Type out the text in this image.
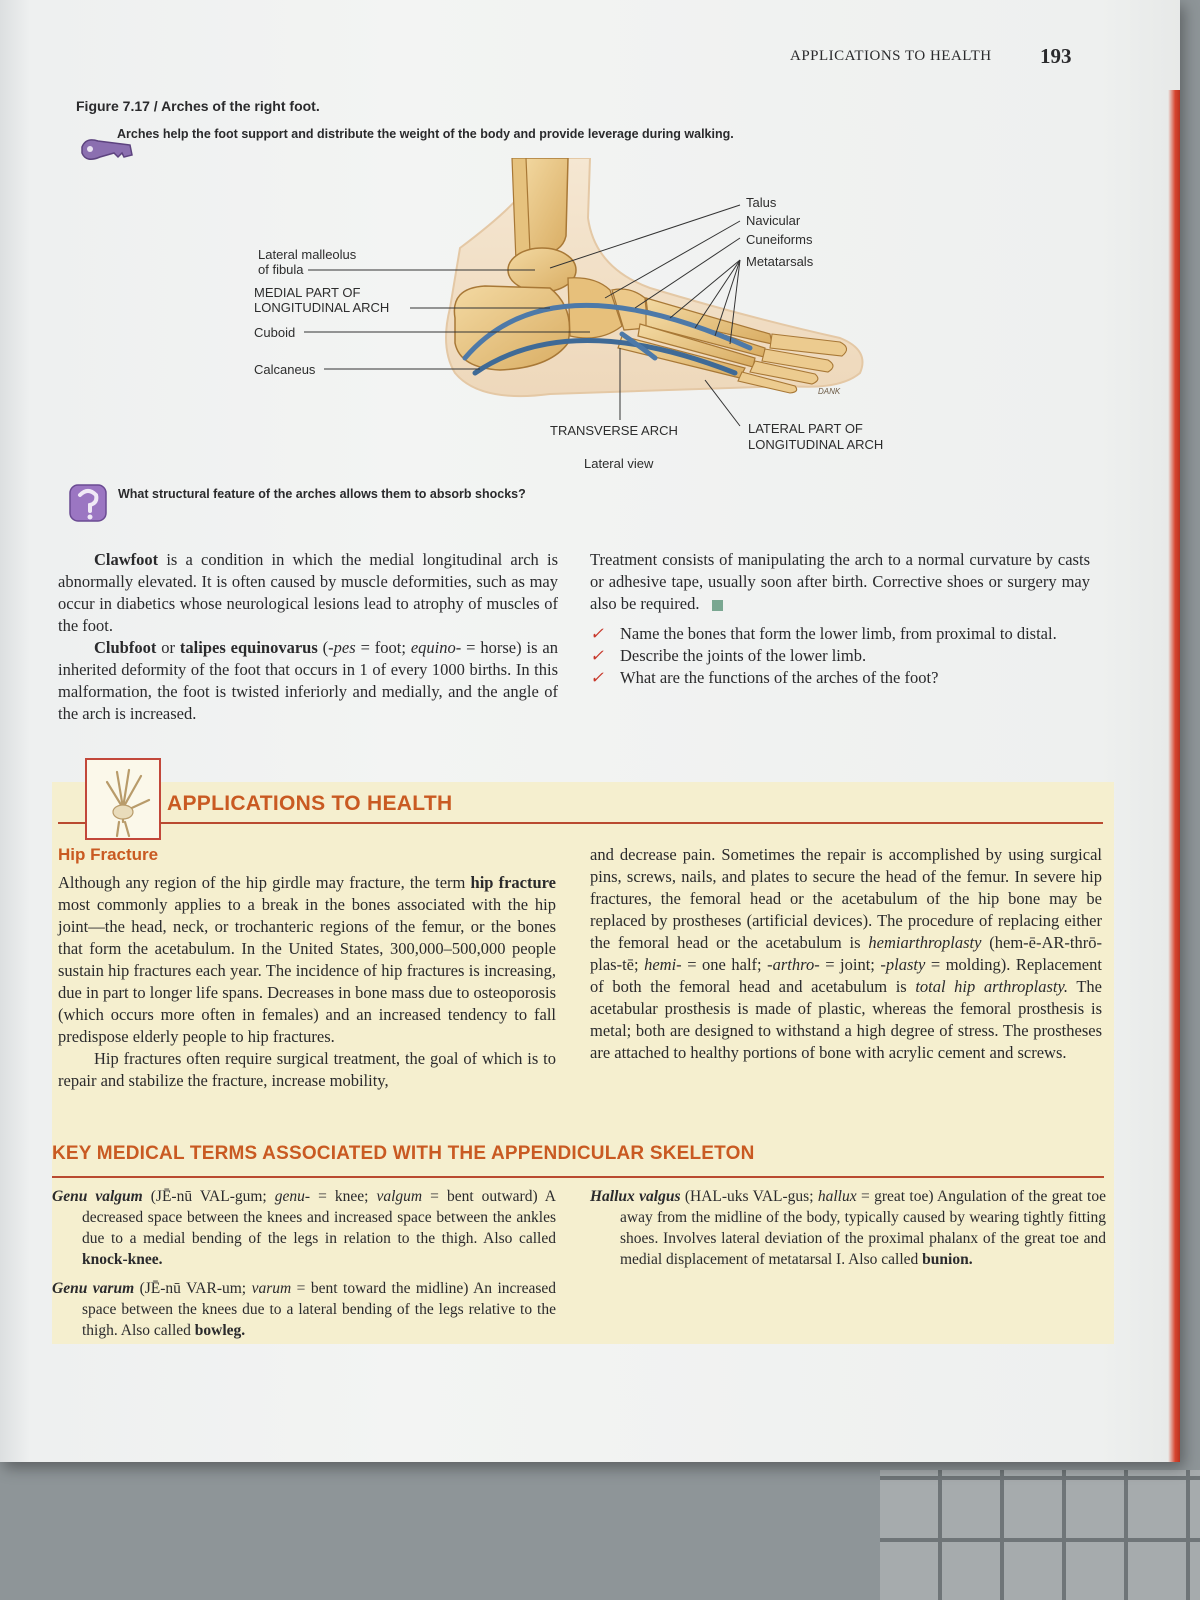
APPLICATIONS TO HEALTH 193
Figure 7.17 / Arches of the right foot.
Arches help the foot support and distribute the weight of the body and provide leverage during walking.
Lateral malleolus
of fibula
MEDIAL PART OF
LONGITUDINAL ARCH
Cuboid
Calcaneus
Talus
Navicular
Cuneiforms
Metatarsals
TRANSVERSE ARCH	LATERAL PART OF
LONGITUDINAL ARCH
Lateral view
DANK
What structural feature of the arches allows them to absorb shocks?

Clawfoot is a condition in which the medial longitudinal arch is abnormally elevated. It is often caused by muscle deformities, such as may occur in diabetics whose neurological lesions lead to atrophy of muscles of the foot.

Clubfoot or talipes equinovarus (-pes = foot; equino- = horse) is an inherited deformity of the foot that occurs in 1 of every 1000 births. In this malformation, the foot is twisted inferiorly and medially, and the angle of the arch is increased.

Treatment consists of manipulating the arch to a normal curvature by casts or adhesive tape, usually soon after birth. Corrective shoes or surgery may also be required.

✓ Name the bones that form the lower limb, from proximal to distal.
✓ Describe the joints of the lower limb.
✓ What are the functions of the arches of the foot?
APPLICATIONS TO HEALTH
Hip Fracture

Although any region of the hip girdle may fracture, the term hip fracture most commonly applies to a break in the bones associated with the hip joint—the head, neck, or trochanteric regions of the femur, or the bones that form the acetabulum. In the United States, 300,000–500,000 people sustain hip fractures each year. The incidence of hip fractures is increasing, due in part to longer life spans. Decreases in bone mass due to osteoporosis (which occurs more often in females) and an increased tendency to fall predispose elderly people to hip fractures.

Hip fractures often require surgical treatment, the goal of which is to repair and stabilize the fracture, increase mobility,

and decrease pain. Sometimes the repair is accomplished by using surgical pins, screws, nails, and plates to secure the head of the femur. In severe hip fractures, the femoral head or the acetabulum of the hip bone may be replaced by prostheses (artificial devices). The procedure of replacing either the femoral head or the acetabulum is hemiarthroplasty (hem-ē-AR-thrō-plas-tē; hemi- = one half; -arthro- = joint; -plasty = molding). Replacement of both the femoral head and acetabulum is total hip arthroplasty. The acetabular prosthesis is made of plastic, whereas the femoral prosthesis is metal; both are designed to withstand a high degree of stress. The prostheses are attached to healthy portions of bone with acrylic cement and screws.

KEY MEDICAL TERMS ASSOCIATED WITH THE APPENDICULAR SKELETON

Genu valgum (JĒ-nū VAL-gum; genu- = knee; valgum = bent outward) A decreased space between the knees and increased space between the ankles due to a medial bending of the legs in relation to the thigh. Also called knock-knee.

Genu varum (JĒ-nū VAR-um; varum = bent toward the midline) An increased space between the knees due to a lateral bending of the legs relative to the thigh. Also called bowleg.

Hallux valgus (HAL-uks VAL-gus; hallux = great toe) Angulation of the great toe away from the midline of the body, typically caused by wearing tightly fitting shoes. Involves lateral deviation of the proximal phalanx of the great toe and medial displacement of metatarsal I. Also called bunion.
